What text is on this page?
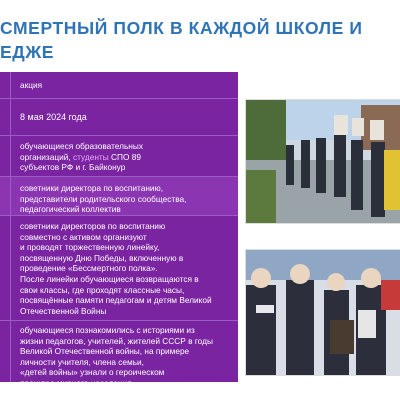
СМЕРТНЫЙ ПОЛК В КАЖДОЙ ШКОЛЕ И
ЕДЖЕ
акция
8 мая 2024 года
обучающиеся образовательных
организаций, студенты СПО 89
субъектов РФ и г. Байконур
советники директора по воспитанию,
представители родительского сообщества,
педагогический коллектив
советники директоров по воспитанию
совместно с активом организуют
и проводят торжественную линейку,
посвященную Дню Победы, включенную в
проведение «Бессмертного полка».
После линейки обучающиеся возвращаются в
свои классы, где проходят классные часы,
посвящённые памяти педагогам и детям Великой
Отечественной Войны
обучающиеся познакомились с историями из
жизни педагогов, учителей, жителей СССР в годы
Великой Отечественной войны, на примере
личности учителя, члена семьи,
«детей войны» узнали о героическом
прошлое мирного населения
